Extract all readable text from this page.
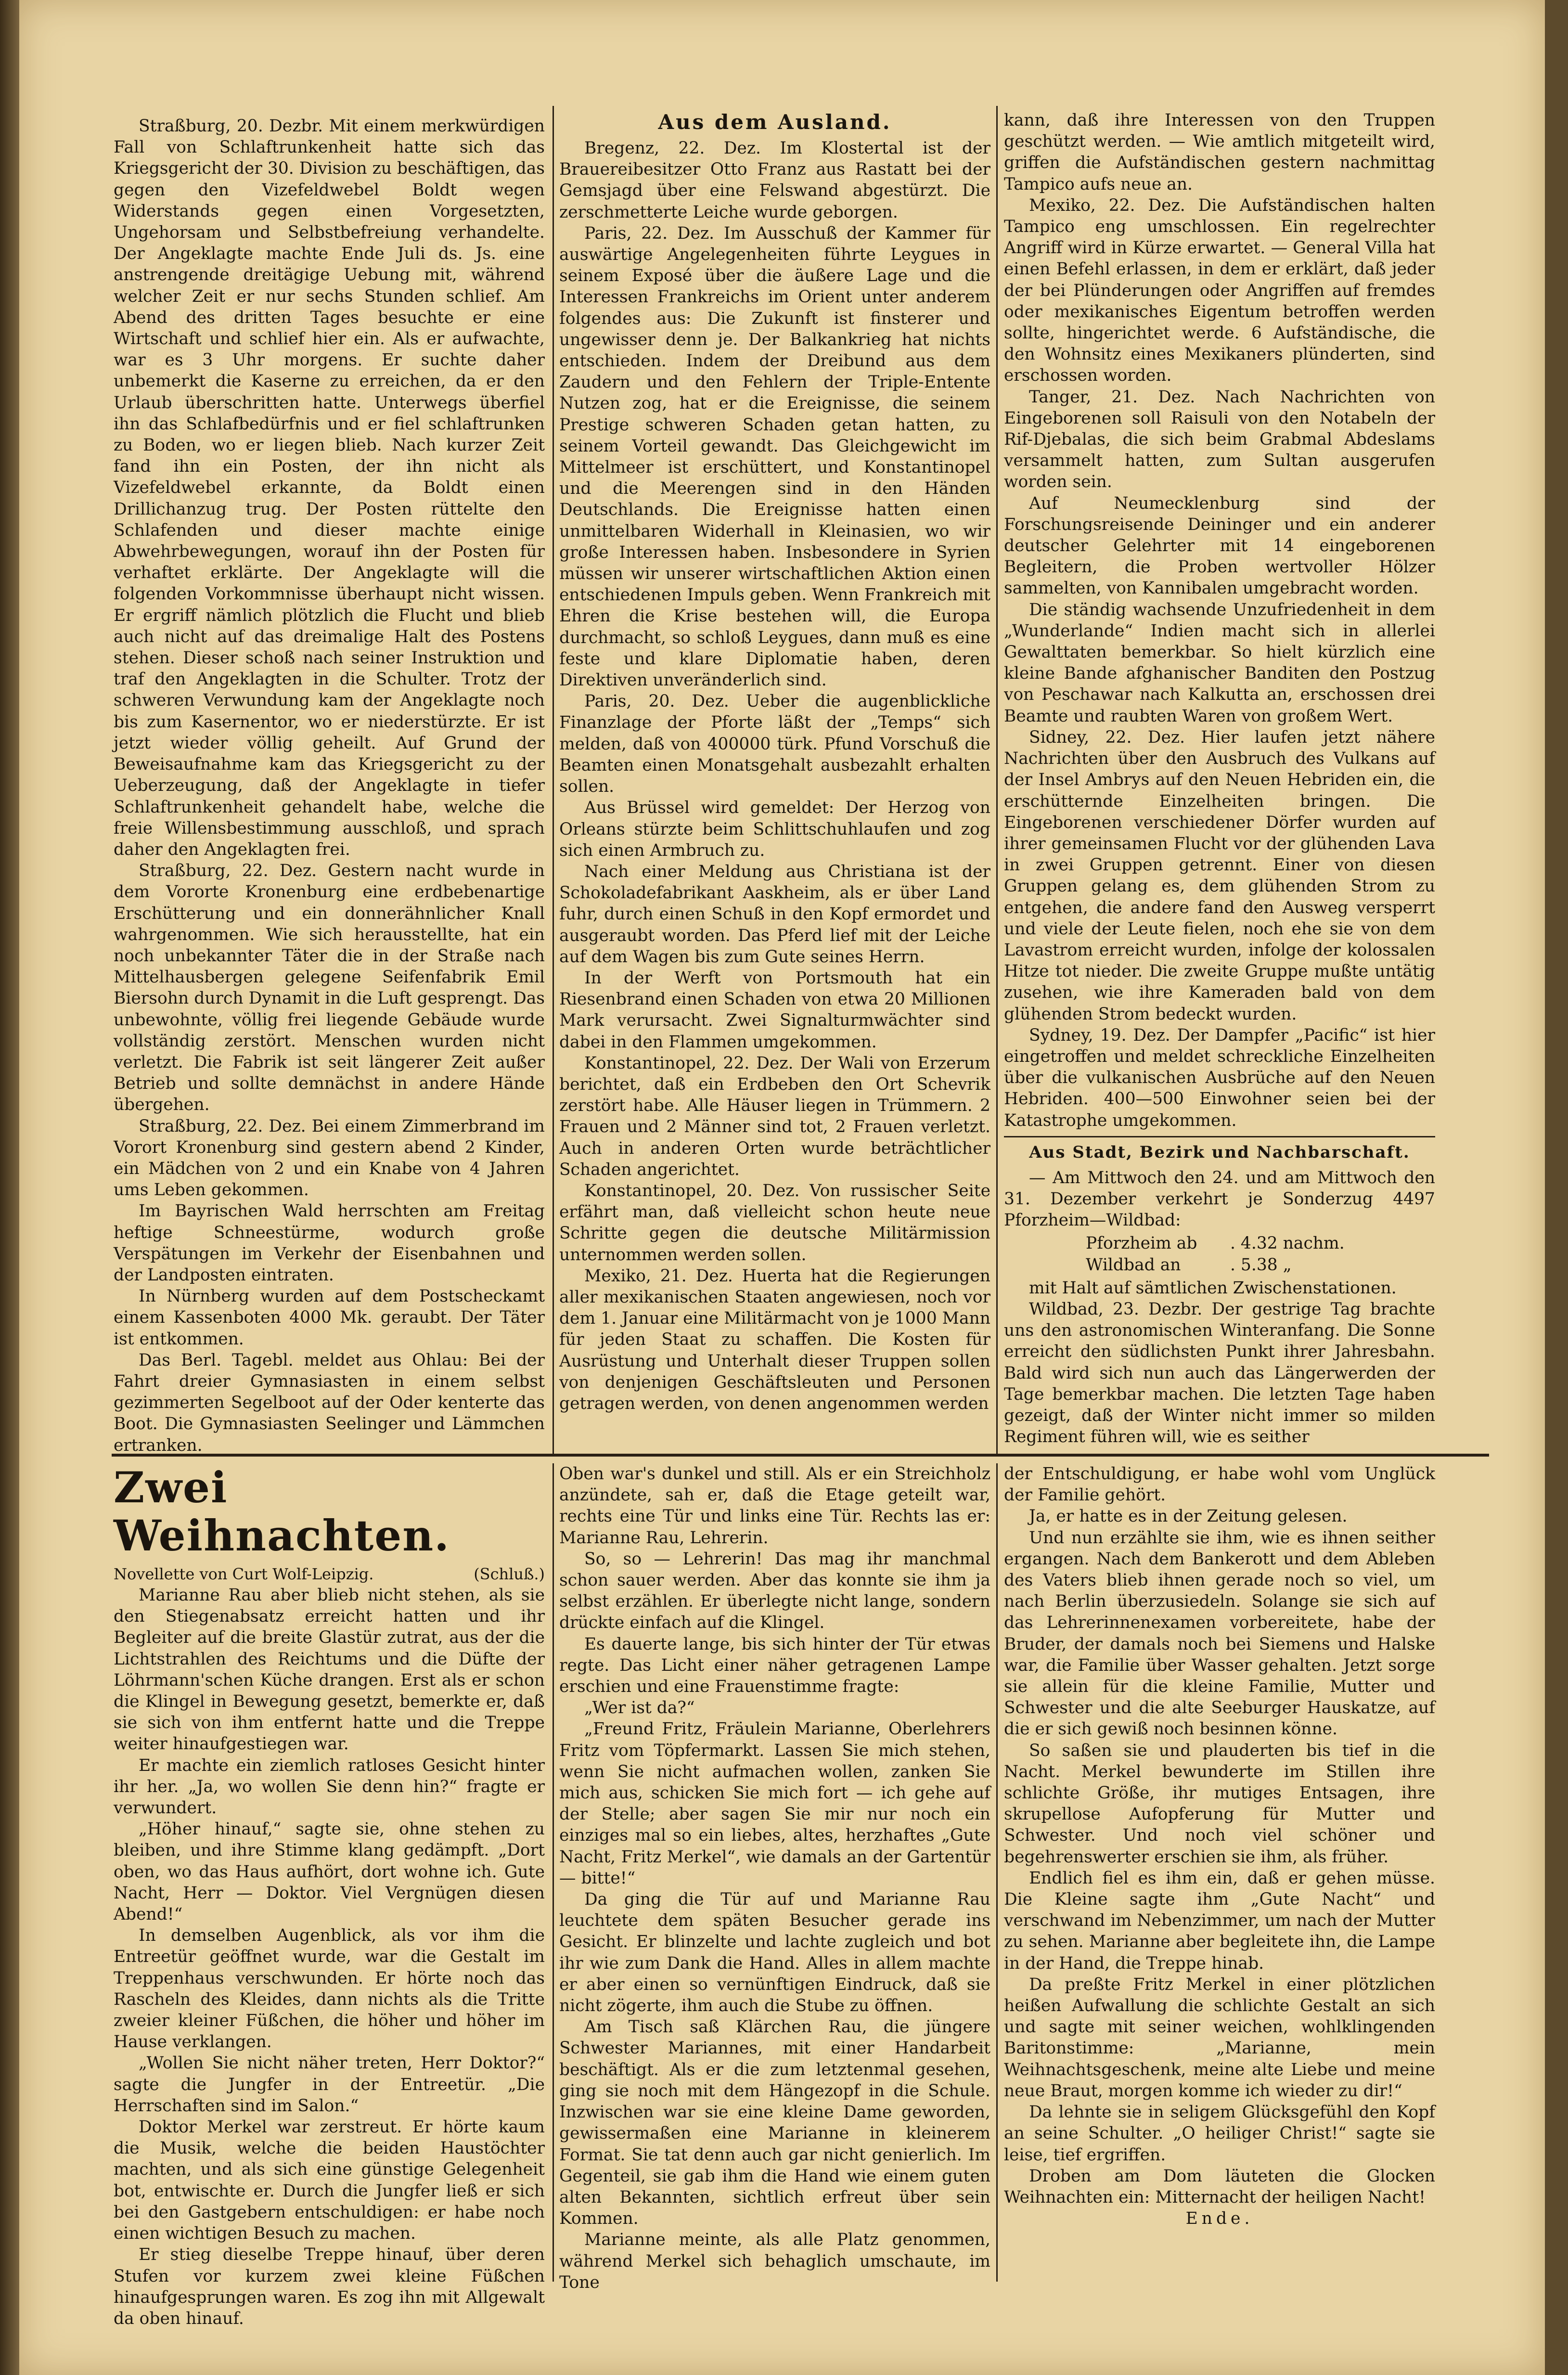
Straßburg, 20. Dezbr. Mit einem merkwürdigen Fall von Schlaftrunkenheit hatte sich das Kriegsgericht der 30. Division zu beschäftigen, das gegen den Vizefeldwebel Boldt wegen Widerstands gegen einen Vorgesetzten, Ungehorsam und Selbstbefreiung verhandelte. Der Angeklagte machte Ende Juli ds. Js. eine anstrengende dreitägige Uebung mit, während welcher Zeit er nur sechs Stunden schlief. Am Abend des dritten Tages besuchte er eine Wirtschaft und schlief hier ein. Als er aufwachte, war es 3 Uhr morgens. Er suchte daher unbemerkt die Kaserne zu erreichen, da er den Urlaub überschritten hatte. Unterwegs überfiel ihn das Schlafbedürfnis und er fiel schlaftrunken zu Boden, wo er liegen blieb. Nach kurzer Zeit fand ihn ein Posten, der ihn nicht als Vizefeldwebel erkannte, da Boldt einen Drillichanzug trug. Der Posten rüttelte den Schlafenden und dieser machte einige Abwehrbewegungen, worauf ihn der Posten für verhaftet erklärte. Der Angeklagte will die folgenden Vorkommnisse überhaupt nicht wissen. Er ergriff nämlich plötzlich die Flucht und blieb auch nicht auf das dreimalige Halt des Postens stehen. Dieser schoß nach seiner Instruktion und traf den Angeklagten in die Schulter. Trotz der schweren Verwundung kam der Angeklagte noch bis zum Kasernentor, wo er niederstürzte. Er ist jetzt wieder völlig geheilt. Auf Grund der Beweisaufnahme kam das Kriegsgericht zu der Ueberzeugung, daß der Angeklagte in tiefer Schlaftrunkenheit gehandelt habe, welche die freie Willensbestimmung ausschloß, und sprach daher den Angeklagten frei.

Straßburg, 22. Dez. Gestern nacht wurde in dem Vororte Kronenburg eine erdbebenartige Erschütterung und ein donnerähnlicher Knall wahrgenommen. Wie sich herausstellte, hat ein noch unbekannter Täter die in der Straße nach Mittelhausbergen gelegene Seifenfabrik Emil Biersohn durch Dynamit in die Luft gesprengt. Das unbewohnte, völlig frei liegende Gebäude wurde vollständig zerstört. Menschen wurden nicht verletzt. Die Fabrik ist seit längerer Zeit außer Betrieb und sollte demnächst in andere Hände übergehen.

Straßburg, 22. Dez. Bei einem Zimmerbrand im Vorort Kronenburg sind gestern abend 2 Kinder, ein Mädchen von 2 und ein Knabe von 4 Jahren ums Leben gekommen.

Im Bayrischen Wald herrschten am Freitag heftige Schneestürme, wodurch große Verspätungen im Verkehr der Eisenbahnen und der Landposten eintraten.

In Nürnberg wurden auf dem Postscheckamt einem Kassenboten 4000 Mk. geraubt. Der Täter ist entkommen.

Das Berl. Tagebl. meldet aus Ohlau: Bei der Fahrt dreier Gymnasiasten in einem selbst gezimmerten Segelboot auf der Oder kenterte das Boot. Die Gymnasiasten Seelinger und Lämmchen ertranken.

Aus dem Ausland.

Bregenz, 22. Dez. Im Klostertal ist der Brauereibesitzer Otto Franz aus Rastatt bei der Gemsjagd über eine Felswand abgestürzt. Die zerschmetterte Leiche wurde geborgen.

Paris, 22. Dez. Im Ausschuß der Kammer für auswärtige Angelegenheiten führte Leygues in seinem Exposé über die äußere Lage und die Interessen Frankreichs im Orient unter anderem folgendes aus: Die Zukunft ist finsterer und ungewisser denn je. Der Balkankrieg hat nichts entschieden. Indem der Dreibund aus dem Zaudern und den Fehlern der Triple-Entente Nutzen zog, hat er die Ereignisse, die seinem Prestige schweren Schaden getan hatten, zu seinem Vorteil gewandt. Das Gleichgewicht im Mittelmeer ist erschüttert, und Konstantinopel und die Meerengen sind in den Händen Deutschlands. Die Ereignisse hatten einen unmittelbaren Widerhall in Kleinasien, wo wir große Interessen haben. Insbesondere in Syrien müssen wir unserer wirtschaftlichen Aktion einen entschiedenen Impuls geben. Wenn Frankreich mit Ehren die Krise bestehen will, die Europa durchmacht, so schloß Leygues, dann muß es eine feste und klare Diplomatie haben, deren Direktiven unveränderlich sind.

Paris, 20. Dez. Ueber die augenblickliche Finanzlage der Pforte läßt der „Temps“ sich melden, daß von 400000 türk. Pfund Vorschuß die Beamten einen Monatsgehalt ausbezahlt erhalten sollen.

Aus Brüssel wird gemeldet: Der Herzog von Orleans stürzte beim Schlittschuhlaufen und zog sich einen Armbruch zu.

Nach einer Meldung aus Christiana ist der Schokoladefabrikant Aaskheim, als er über Land fuhr, durch einen Schuß in den Kopf ermordet und ausgeraubt worden. Das Pferd lief mit der Leiche auf dem Wagen bis zum Gute seines Herrn.

In der Werft von Portsmouth hat ein Riesenbrand einen Schaden von etwa 20 Millionen Mark verursacht. Zwei Signalturmwächter sind dabei in den Flammen umgekommen.

Konstantinopel, 22. Dez. Der Wali von Erzerum berichtet, daß ein Erdbeben den Ort Schevrik zerstört habe. Alle Häuser liegen in Trümmern. 2 Frauen und 2 Männer sind tot, 2 Frauen verletzt. Auch in anderen Orten wurde beträchtlicher Schaden angerichtet.

Konstantinopel, 20. Dez. Von russischer Seite erfährt man, daß vielleicht schon heute neue Schritte gegen die deutsche Militärmission unternommen werden sollen.

Mexiko, 21. Dez. Huerta hat die Regierungen aller mexikanischen Staaten angewiesen, noch vor dem 1. Januar eine Militärmacht von je 1000 Mann für jeden Staat zu schaffen. Die Kosten für Ausrüstung und Unterhalt dieser Truppen sollen von denjenigen Geschäftsleuten und Personen getragen werden, von denen angenommen werden

kann, daß ihre Interessen von den Truppen geschützt werden. — Wie amtlich mitgeteilt wird, griffen die Aufständischen gestern nachmittag Tampico aufs neue an.

Mexiko, 22. Dez. Die Aufständischen halten Tampico eng umschlossen. Ein regelrechter Angriff wird in Kürze erwartet. — General Villa hat einen Befehl erlassen, in dem er erklärt, daß jeder der bei Plünderungen oder Angriffen auf fremdes oder mexikanisches Eigentum betroffen werden sollte, hingerichtet werde. 6 Aufständische, die den Wohnsitz eines Mexikaners plünderten, sind erschossen worden.

Tanger, 21. Dez. Nach Nachrichten von Eingeborenen soll Raisuli von den Notabeln der Rif-Djebalas, die sich beim Grabmal Abdeslams versammelt hatten, zum Sultan ausgerufen worden sein.

Auf Neumecklenburg sind der Forschungsreisende Deininger und ein anderer deutscher Gelehrter mit 14 eingeborenen Begleitern, die Proben wertvoller Hölzer sammelten, von Kannibalen umgebracht worden.

Die ständig wachsende Unzufriedenheit in dem „Wunderlande“ Indien macht sich in allerlei Gewalttaten bemerkbar. So hielt kürzlich eine kleine Bande afghanischer Banditen den Postzug von Peschawar nach Kalkutta an, erschossen drei Beamte und raubten Waren von großem Wert.

Sidney, 22. Dez. Hier laufen jetzt nähere Nachrichten über den Ausbruch des Vulkans auf der Insel Ambrys auf den Neuen Hebriden ein, die erschütternde Einzelheiten bringen. Die Eingeborenen verschiedener Dörfer wurden auf ihrer gemeinsamen Flucht vor der glühenden Lava in zwei Gruppen getrennt. Einer von diesen Gruppen gelang es, dem glühenden Strom zu entgehen, die andere fand den Ausweg versperrt und viele der Leute fielen, noch ehe sie von dem Lavastrom erreicht wurden, infolge der kolossalen Hitze tot nieder. Die zweite Gruppe mußte untätig zusehen, wie ihre Kameraden bald von dem glühenden Strom bedeckt wurden.

Sydney, 19. Dez. Der Dampfer „Pacific“ ist hier eingetroffen und meldet schreckliche Einzelheiten über die vulkanischen Ausbrüche auf den Neuen Hebriden. 400—500 Einwohner seien bei der Katastrophe umgekommen.

Aus Stadt, Bezirk und Nachbarschaft.

— Am Mittwoch den 24. und am Mittwoch den 31. Dezember verkehrt je Sonderzug 4497 Pforzheim—Wildbad:

Pforzheim ab	. 4.32 nachm.
Wildbad an	. 5.38 „

mit Halt auf sämtlichen Zwischenstationen.

Wildbad, 23. Dezbr. Der gestrige Tag brachte uns den astronomischen Winteranfang. Die Sonne erreicht den südlichsten Punkt ihrer Jahresbahn. Bald wird sich nun auch das Längerwerden der Tage bemerkbar machen. Die letzten Tage haben gezeigt, daß der Winter nicht immer so milden Regiment führen will, wie es seither

Zwei Weihnachten.
Novellette von Curt Wolf-Leipzig.	(Schluß.)

Marianne Rau aber blieb nicht stehen, als sie den Stiegenabsatz erreicht hatten und ihr Begleiter auf die breite Glastür zutrat, aus der die Lichtstrahlen des Reichtums und die Düfte der Löhrmann'schen Küche drangen. Erst als er schon die Klingel in Bewegung gesetzt, bemerkte er, daß sie sich von ihm entfernt hatte und die Treppe weiter hinaufgestiegen war.

Er machte ein ziemlich ratloses Gesicht hinter ihr her. „Ja, wo wollen Sie denn hin?“ fragte er verwundert.

„Höher hinauf,“ sagte sie, ohne stehen zu bleiben, und ihre Stimme klang gedämpft. „Dort oben, wo das Haus aufhört, dort wohne ich. Gute Nacht, Herr — Doktor. Viel Vergnügen diesen Abend!“

In demselben Augenblick, als vor ihm die Entreetür geöffnet wurde, war die Gestalt im Treppenhaus verschwunden. Er hörte noch das Rascheln des Kleides, dann nichts als die Tritte zweier kleiner Füßchen, die höher und höher im Hause verklangen.

„Wollen Sie nicht näher treten, Herr Doktor?“ sagte die Jungfer in der Entreetür. „Die Herrschaften sind im Salon.“

Doktor Merkel war zerstreut. Er hörte kaum die Musik, welche die beiden Haustöchter machten, und als sich eine günstige Gelegenheit bot, entwischte er. Durch die Jungfer ließ er sich bei den Gastgebern entschuldigen: er habe noch einen wichtigen Besuch zu machen.

Er stieg dieselbe Treppe hinauf, über deren Stufen vor kurzem zwei kleine Füßchen hinaufgesprungen waren. Es zog ihn mit Allgewalt da oben hinauf.

Oben war's dunkel und still. Als er ein Streichholz anzündete, sah er, daß die Etage geteilt war, rechts eine Tür und links eine Tür. Rechts las er: Marianne Rau, Lehrerin.

So, so — Lehrerin! Das mag ihr manchmal schon sauer werden. Aber das konnte sie ihm ja selbst erzählen. Er überlegte nicht lange, sondern drückte einfach auf die Klingel.

Es dauerte lange, bis sich hinter der Tür etwas regte. Das Licht einer näher getragenen Lampe erschien und eine Frauenstimme fragte:

„Wer ist da?“

„Freund Fritz, Fräulein Marianne, Oberlehrers Fritz vom Töpfermarkt. Lassen Sie mich stehen, wenn Sie nicht aufmachen wollen, zanken Sie mich aus, schicken Sie mich fort — ich gehe auf der Stelle; aber sagen Sie mir nur noch ein einziges mal so ein liebes, altes, herzhaftes „Gute Nacht, Fritz Merkel“, wie damals an der Gartentür — bitte!“

Da ging die Tür auf und Marianne Rau leuchtete dem späten Besucher gerade ins Gesicht. Er blinzelte und lachte zugleich und bot ihr wie zum Dank die Hand. Alles in allem machte er aber einen so vernünftigen Eindruck, daß sie nicht zögerte, ihm auch die Stube zu öffnen.

Am Tisch saß Klärchen Rau, die jüngere Schwester Mariannes, mit einer Handarbeit beschäftigt. Als er die zum letztenmal gesehen, ging sie noch mit dem Hängezopf in die Schule. Inzwischen war sie eine kleine Dame geworden, gewissermaßen eine Marianne in kleinerem Format. Sie tat denn auch gar nicht genierlich. Im Gegenteil, sie gab ihm die Hand wie einem guten alten Bekannten, sichtlich erfreut über sein Kommen.

Marianne meinte, als alle Platz genommen, während Merkel sich behaglich umschaute, im Tone

der Entschuldigung, er habe wohl vom Unglück der Familie gehört.

Ja, er hatte es in der Zeitung gelesen.

Und nun erzählte sie ihm, wie es ihnen seither ergangen. Nach dem Bankerott und dem Ableben des Vaters blieb ihnen gerade noch so viel, um nach Berlin überzusiedeln. Solange sie sich auf das Lehrerinnenexamen vorbereitete, habe der Bruder, der damals noch bei Siemens und Halske war, die Familie über Wasser gehalten. Jetzt sorge sie allein für die kleine Familie, Mutter und Schwester und die alte Seeburger Hauskatze, auf die er sich gewiß noch besinnen könne.

So saßen sie und plauderten bis tief in die Nacht. Merkel bewunderte im Stillen ihre schlichte Größe, ihr mutiges Entsagen, ihre skrupellose Aufopferung für Mutter und Schwester. Und noch viel schöner und begehrenswerter erschien sie ihm, als früher.

Endlich fiel es ihm ein, daß er gehen müsse. Die Kleine sagte ihm „Gute Nacht“ und verschwand im Nebenzimmer, um nach der Mutter zu sehen. Marianne aber begleitete ihn, die Lampe in der Hand, die Treppe hinab.

Da preßte Fritz Merkel in einer plötzlichen heißen Aufwallung die schlichte Gestalt an sich und sagte mit seiner weichen, wohlklingenden Baritonstimme: „Marianne, mein Weihnachtsgeschenk, meine alte Liebe und meine neue Braut, morgen komme ich wieder zu dir!“

Da lehnte sie in seligem Glücksgefühl den Kopf an seine Schulter. „O heiliger Christ!“ sagte sie leise, tief ergriffen.

Droben am Dom läuteten die Glocken Weihnachten ein: Mitternacht der heiligen Nacht!

Ende.
